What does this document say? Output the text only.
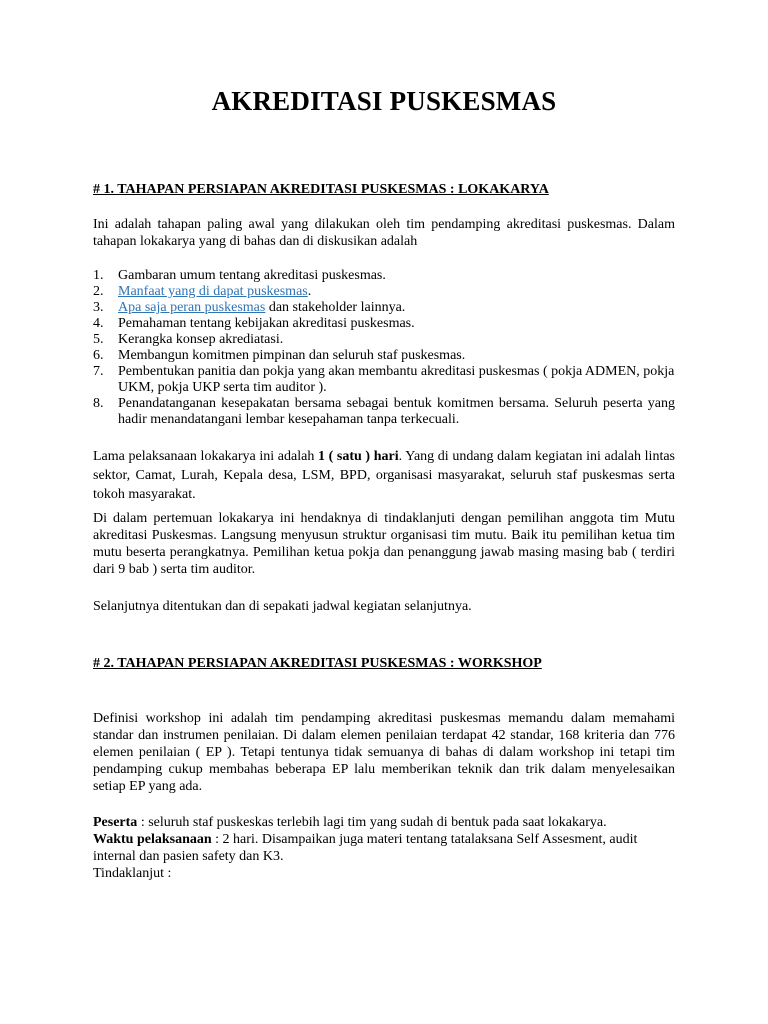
AKREDITASI PUSKESMAS

# 1. TAHAPAN PERSIAPAN AKREDITASI PUSKESMAS : LOKAKARYA

Ini adalah tahapan paling awal yang dilakukan oleh tim pendamping akreditasi puskesmas. Dalam tahapan lokakarya yang di bahas dan di diskusikan adalah

1. Gambaran umum tentang akreditasi puskesmas.
2. Manfaat yang di dapat puskesmas.
3. Apa saja peran puskesmas dan stakeholder lainnya.
4. Pemahaman tentang kebijakan akreditasi puskesmas.
5. Kerangka konsep akrediatasi.
6. Membangun komitmen pimpinan dan seluruh staf puskesmas.
7. Pembentukan panitia dan pokja yang akan membantu akreditasi puskesmas ( pokja ADMEN, pokja UKM, pokja UKP serta tim auditor ).
8. Penandatanganan kesepakatan bersama sebagai bentuk komitmen bersama. Seluruh peserta yang hadir menandatangani lembar kesepahaman tanpa terkecuali.

Lama pelaksanaan lokakarya ini adalah 1 ( satu ) hari. Yang di undang dalam kegiatan ini adalah lintas sektor, Camat, Lurah, Kepala desa, LSM, BPD, organisasi masyarakat, seluruh staf puskesmas serta tokoh masyarakat.

Di dalam pertemuan lokakarya ini hendaknya di tindaklanjuti dengan pemilihan anggota tim Mutu akreditasi Puskesmas. Langsung menyusun struktur organisasi tim mutu. Baik itu pemilihan ketua tim mutu beserta perangkatnya. Pemilihan ketua pokja dan penanggung jawab masing masing bab ( terdiri dari 9 bab ) serta tim auditor.

Selanjutnya ditentukan dan di sepakati jadwal kegiatan selanjutnya.

# 2. TAHAPAN PERSIAPAN AKREDITASI PUSKESMAS : WORKSHOP

Definisi workshop ini adalah tim pendamping akreditasi puskesmas memandu dalam memahami standar dan instrumen penilaian. Di dalam elemen penilaian terdapat 42 standar, 168 kriteria dan 776 elemen penilaian ( EP ). Tetapi tentunya tidak semuanya di bahas di dalam workshop ini tetapi tim pendamping cukup membahas beberapa EP lalu memberikan teknik dan trik dalam menyelesaikan setiap EP yang ada.

Peserta : seluruh staf puskeskas terlebih lagi tim yang sudah di bentuk pada saat lokakarya.
Waktu pelaksanaan : 2 hari. Disampaikan juga materi tentang tatalaksana Self Assesment, audit internal dan pasien safety dan K3.
Tindaklanjut :
